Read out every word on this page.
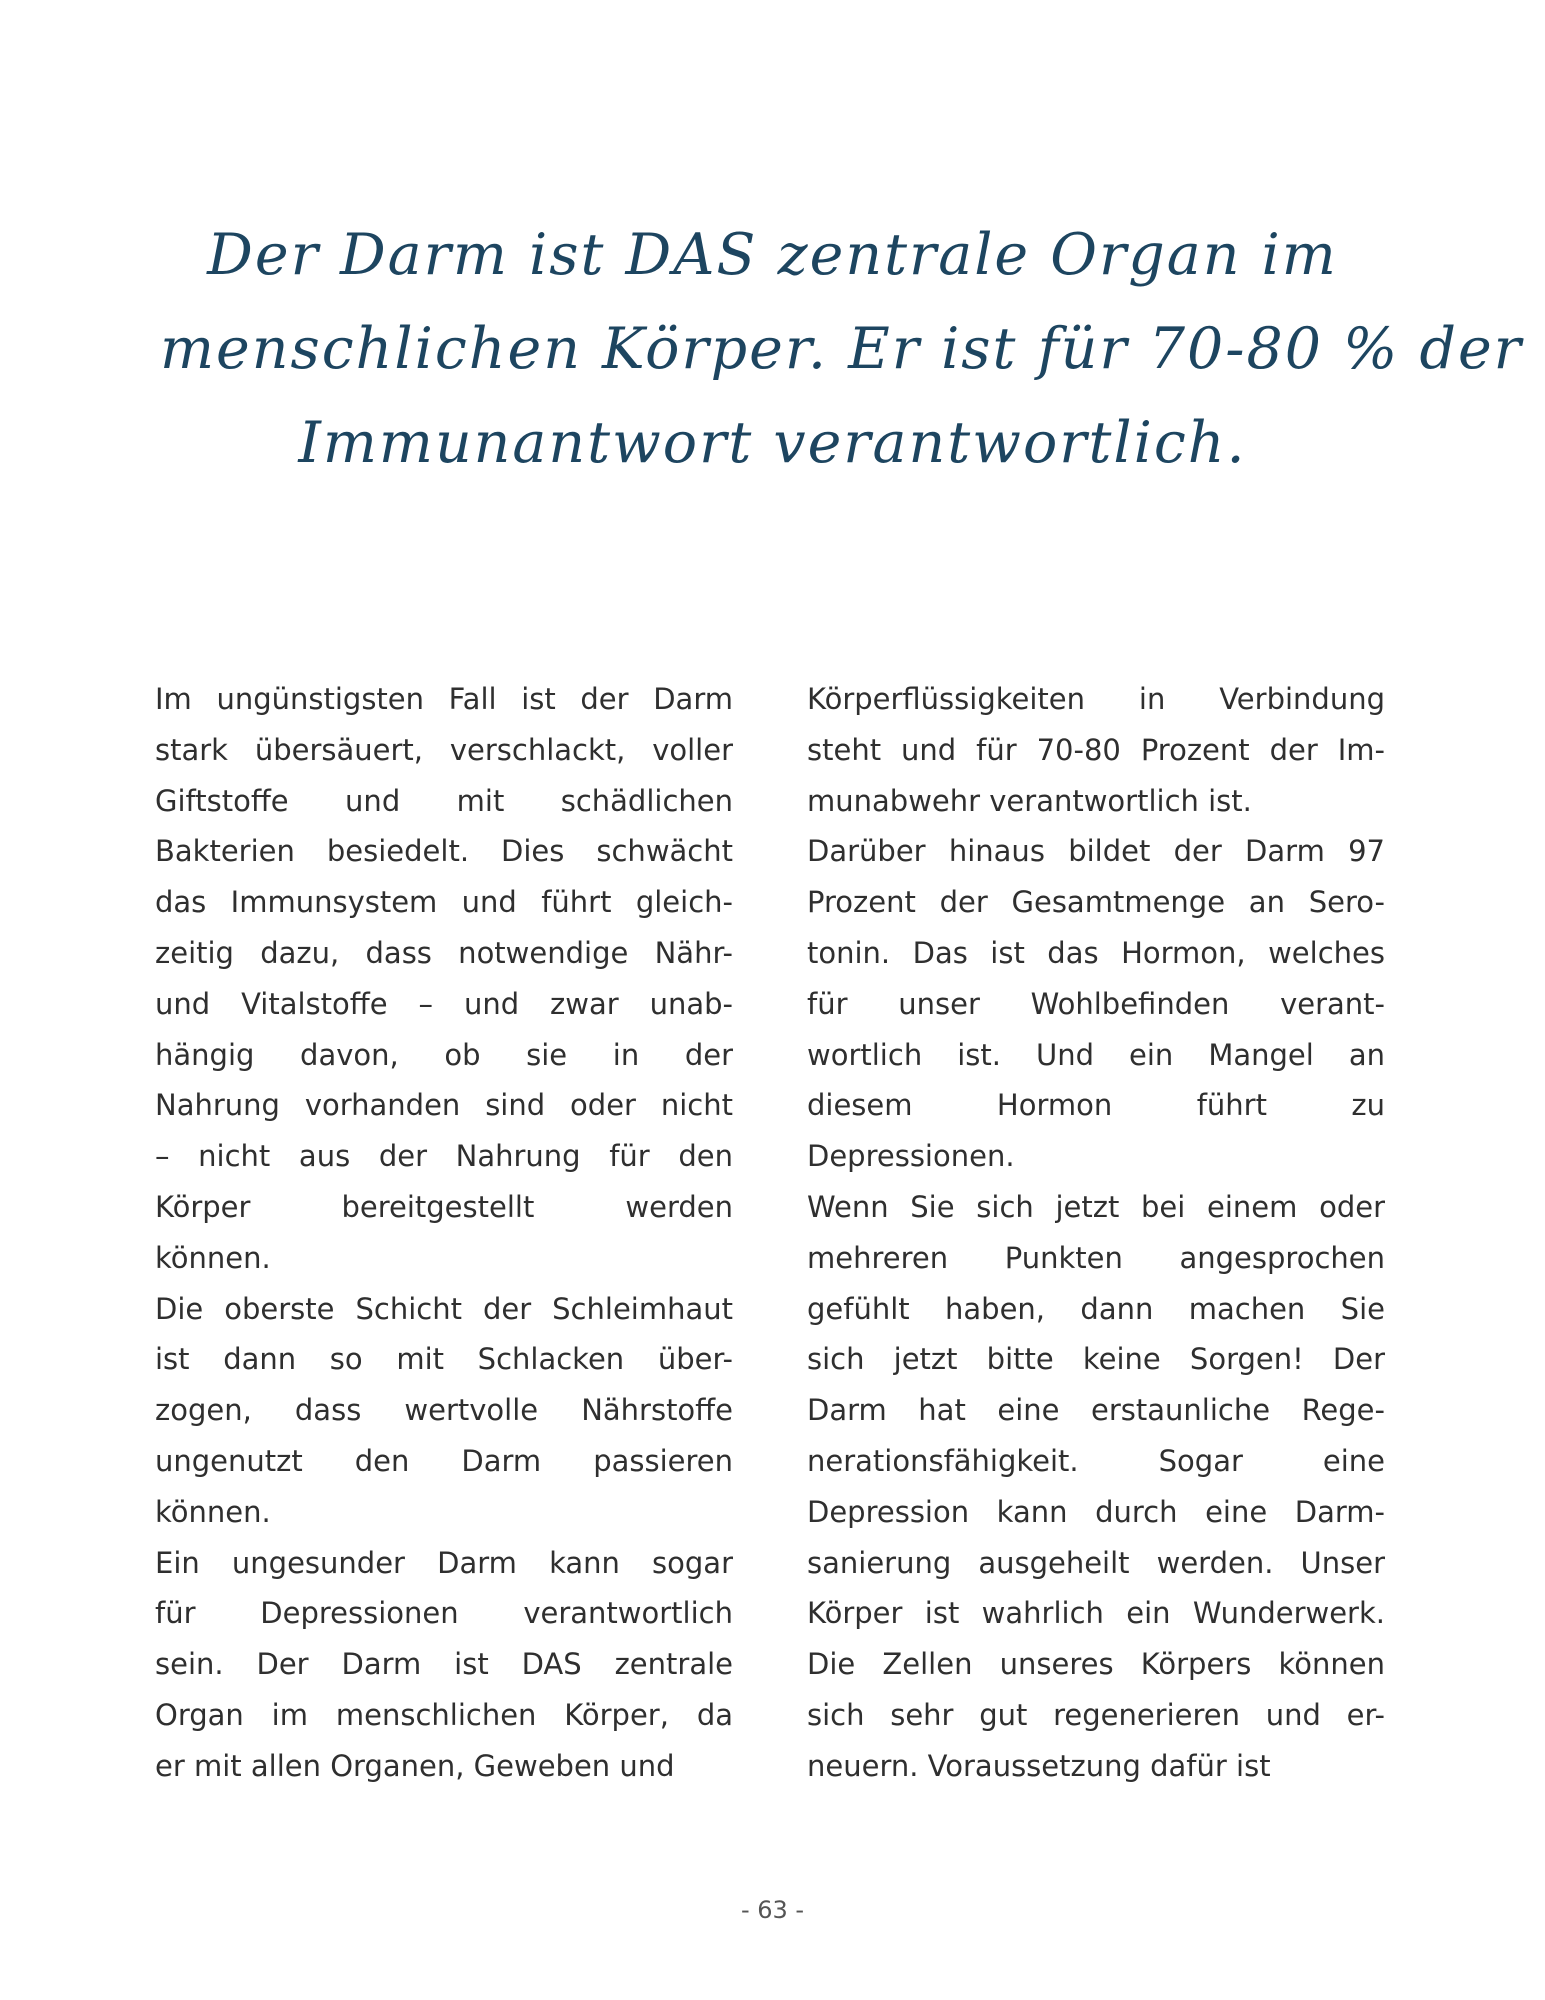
Der Darm ist DAS zentrale Organ im
menschlichen Körper. Er ist für 70-80 % der
Immunantwort verantwortlich.
Im ungünstigsten Fall ist der Darm
stark übersäuert, verschlackt, voller
Giftstoffe und mit schädlichen
Bakterien besiedelt. Dies schwächt
das Immunsystem und führt gleich-
zeitig dazu, dass notwendige Nähr-
und Vitalstoffe – und zwar unab-
hängig davon, ob sie in der
Nahrung vorhanden sind oder nicht
– nicht aus der Nahrung für den
Körper bereitgestellt werden
können.
Die oberste Schicht der Schleimhaut
ist dann so mit Schlacken über-
zogen, dass wertvolle Nährstoffe
ungenutzt den Darm passieren
können.
Ein ungesunder Darm kann sogar
für Depressionen verantwortlich
sein. Der Darm ist DAS zentrale
Organ im menschlichen Körper, da
er mit allen Organen, Geweben und
Körperflüssigkeiten in Verbindung
steht und für 70-80 Prozent der Im-
munabwehr verantwortlich ist.
Darüber hinaus bildet der Darm 97
Prozent der Gesamtmenge an Sero-
tonin. Das ist das Hormon, welches
für unser Wohlbefinden verant-
wortlich ist. Und ein Mangel an
diesem Hormon führt zu
Depressionen.
Wenn Sie sich jetzt bei einem oder
mehreren Punkten angesprochen
gefühlt haben, dann machen Sie
sich jetzt bitte keine Sorgen! Der
Darm hat eine erstaunliche Rege-
nerationsfähigkeit. Sogar eine
Depression kann durch eine Darm-
sanierung ausgeheilt werden. Unser
Körper ist wahrlich ein Wunderwerk.
Die Zellen unseres Körpers können
sich sehr gut regenerieren und er-
neuern. Voraussetzung dafür ist
- 63 -
